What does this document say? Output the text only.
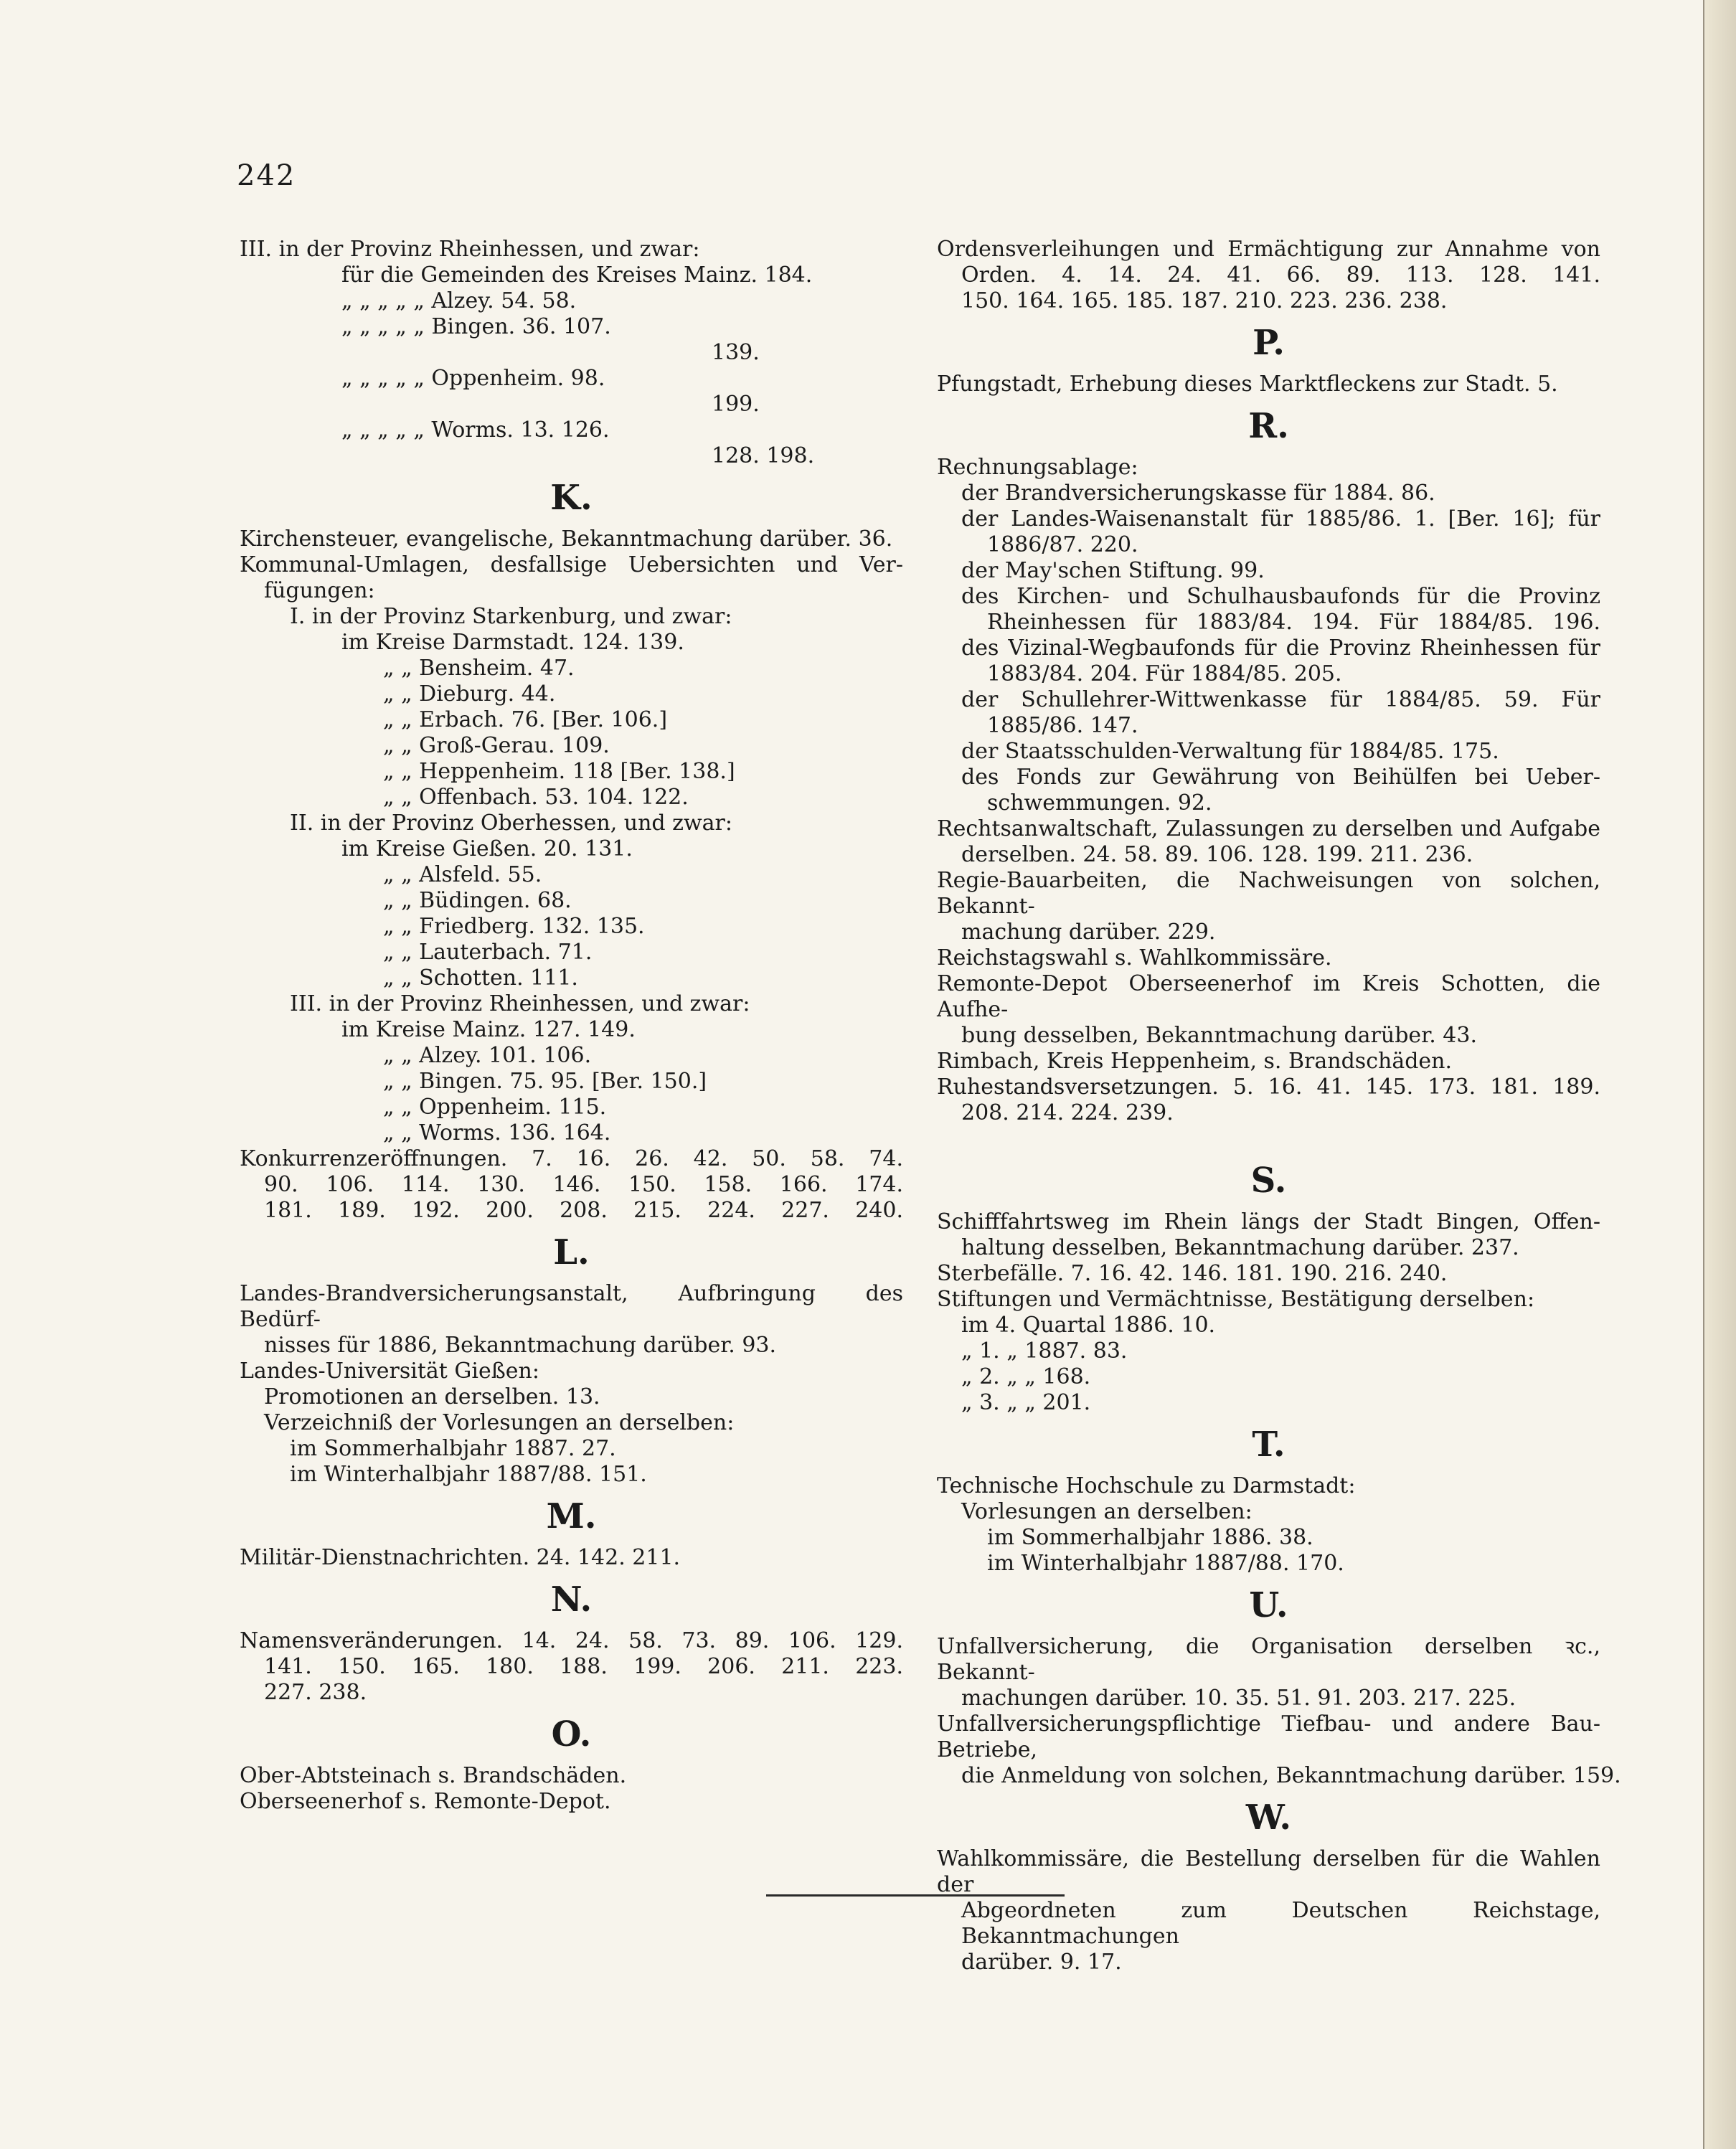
242
III. in der Provinz Rheinhessen, und zwar:
für die Gemeinden des Kreises Mainz. 184.
„ „ „ „ „ Alzey. 54. 58.
„ „ „ „ „ Bingen. 36. 107.
139.
„ „ „ „ „ Oppenheim. 98.
199.
„ „ „ „ „ Worms. 13. 126.
128. 198.
K.
Kirchensteuer, evangelische, Bekanntmachung darüber. 36.
Kommunal-Umlagen, desfallsige Uebersichten und Ver-
fügungen:
I. in der Provinz Starkenburg, und zwar:
im Kreise Darmstadt. 124. 139.
„ „ Bensheim. 47.
„ „ Dieburg. 44.
„ „ Erbach. 76. [Ber. 106.]
„ „ Groß-Gerau. 109.
„ „ Heppenheim. 118 [Ber. 138.]
„ „ Offenbach. 53. 104. 122.
II. in der Provinz Oberhessen, und zwar:
im Kreise Gießen. 20. 131.
„ „ Alsfeld. 55.
„ „ Büdingen. 68.
„ „ Friedberg. 132. 135.
„ „ Lauterbach. 71.
„ „ Schotten. 111.
III. in der Provinz Rheinhessen, und zwar:
im Kreise Mainz. 127. 149.
„ „ Alzey. 101. 106.
„ „ Bingen. 75. 95. [Ber. 150.]
„ „ Oppenheim. 115.
„ „ Worms. 136. 164.
Konkurrenzeröffnungen. 7. 16. 26. 42. 50. 58. 74.
90. 106. 114. 130. 146. 150. 158. 166. 174.
181. 189. 192. 200. 208. 215. 224. 227. 240.
L.
Landes-Brandversicherungsanstalt, Aufbringung des Bedürf-
nisses für 1886, Bekanntmachung darüber. 93.
Landes-Universität Gießen:
Promotionen an derselben. 13.
Verzeichniß der Vorlesungen an derselben:
im Sommerhalbjahr 1887. 27.
im Winterhalbjahr 1887/88. 151.
M.
Militär-Dienstnachrichten. 24. 142. 211.
N.
Namensveränderungen. 14. 24. 58. 73. 89. 106. 129.
141. 150. 165. 180. 188. 199. 206. 211. 223.
227. 238.
O.
Ober-Abtsteinach s. Brandschäden.
Oberseenerhof s. Remonte-Depot.
Ordensverleihungen und Ermächtigung zur Annahme von
Orden. 4. 14. 24. 41. 66. 89. 113. 128. 141.
150. 164. 165. 185. 187. 210. 223. 236. 238.
P.
Pfungstadt, Erhebung dieses Marktfleckens zur Stadt. 5.
R.
Rechnungsablage:
der Brandversicherungskasse für 1884. 86.
der Landes-Waisenanstalt für 1885/86. 1. [Ber. 16]; für
1886/87. 220.
der May'schen Stiftung. 99.
des Kirchen- und Schulhausbaufonds für die Provinz
Rheinhessen für 1883/84. 194. Für 1884/85. 196.
des Vizinal-Wegbaufonds für die Provinz Rheinhessen für
1883/84. 204. Für 1884/85. 205.
der Schullehrer-Wittwenkasse für 1884/85. 59. Für
1885/86. 147.
der Staatsschulden-Verwaltung für 1884/85. 175.
des Fonds zur Gewährung von Beihülfen bei Ueber-
schwemmungen. 92.
Rechtsanwaltschaft, Zulassungen zu derselben und Aufgabe
derselben. 24. 58. 89. 106. 128. 199. 211. 236.
Regie-Bauarbeiten, die Nachweisungen von solchen, Bekannt-
machung darüber. 229.
Reichstagswahl s. Wahlkommissäre.
Remonte-Depot Oberseenerhof im Kreis Schotten, die Aufhe-
bung desselben, Bekanntmachung darüber. 43.
Rimbach, Kreis Heppenheim, s. Brandschäden.
Ruhestandsversetzungen. 5. 16. 41. 145. 173. 181. 189.
208. 214. 224. 239.
S.
Schifffahrtsweg im Rhein längs der Stadt Bingen, Offen-
haltung desselben, Bekanntmachung darüber. 237.
Sterbefälle. 7. 16. 42. 146. 181. 190. 216. 240.
Stiftungen und Vermächtnisse, Bestätigung derselben:
im 4. Quartal 1886. 10.
„ 1. „ 1887. 83.
„ 2. „ „ 168.
„ 3. „ „ 201.
T.
Technische Hochschule zu Darmstadt:
Vorlesungen an derselben:
im Sommerhalbjahr 1886. 38.
im Winterhalbjahr 1887/88. 170.
U.
Unfallversicherung, die Organisation derselben ꝛc., Bekannt-
machungen darüber. 10. 35. 51. 91. 203. 217. 225.
Unfallversicherungspflichtige Tiefbau- und andere Bau-Betriebe,
die Anmeldung von solchen, Bekanntmachung darüber. 159.
W.
Wahlkommissäre, die Bestellung derselben für die Wahlen der
Abgeordneten zum Deutschen Reichstage, Bekanntmachungen
darüber. 9. 17.
